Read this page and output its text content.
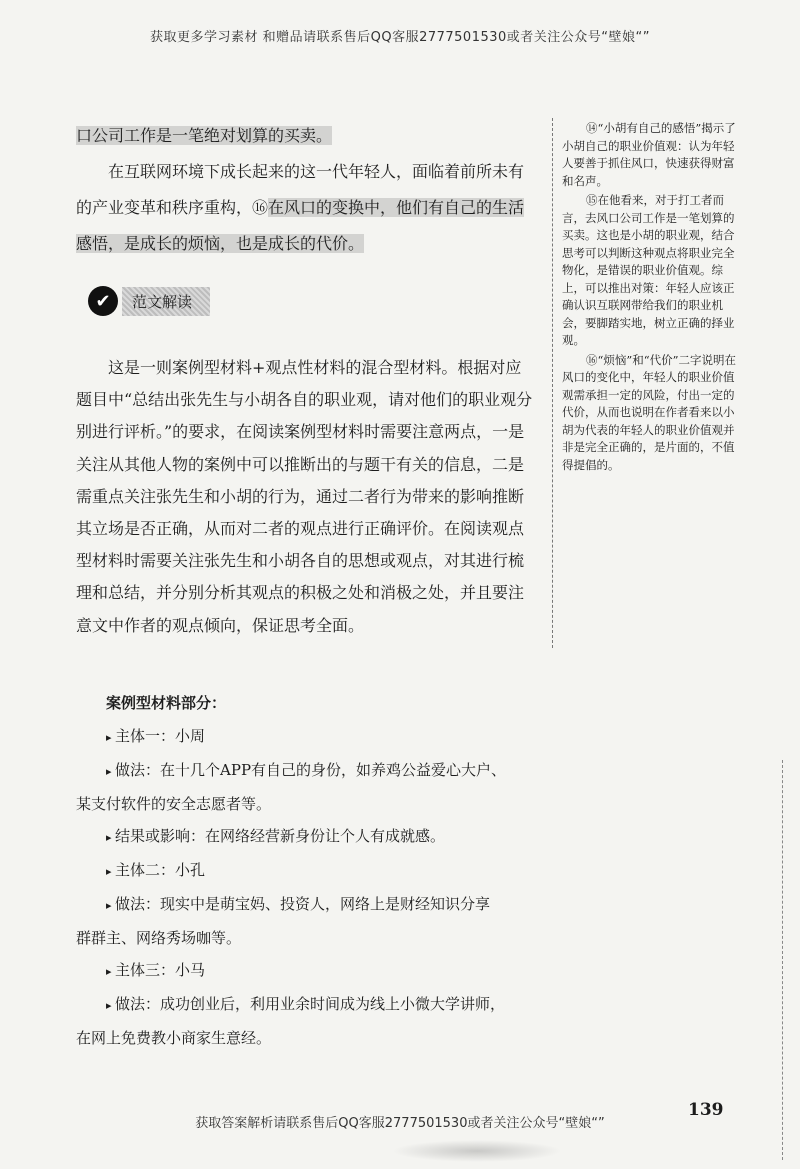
获取更多学习素材 和赠品请联系售后QQ客服2777501530或者关注公众号“壁娘“”

口公司工作是一笔绝对划算的买卖。

在互联网环境下成长起来的这一代年轻人，面临着前所未有的产业变革和秩序重构，⑯在风口的变换中，他们有自己的生活感悟，是成长的烦恼，也是成长的代价。

✔	范文解读

这是一则案例型材料+观点性材料的混合型材料。根据对应题目中“总结出张先生与小胡各自的职业观，请对他们的职业观分别进行评析。”的要求，在阅读案例型材料时需要注意两点，一是关注从其他人物的案例中可以推断出的与题干有关的信息，二是需重点关注张先生和小胡的行为，通过二者行为带来的影响推断其立场是否正确，从而对二者的观点进行正确评价。在阅读观点型材料时需要关注张先生和小胡各自的思想或观点，对其进行梳理和总结，并分别分析其观点的积极之处和消极之处，并且要注意文中作者的观点倾向，保证思考全面。

案例型材料部分：

▸ 主体一：小周

▸ 做法：在十几个APP有自己的身份，如养鸡公益爱心大户、

某支付软件的安全志愿者等。

▸ 结果或影响：在网络经营新身份让个人有成就感。

▸ 主体二：小孔

▸ 做法：现实中是萌宝妈、投资人，网络上是财经知识分享

群群主、网络秀场咖等。

▸ 主体三：小马

▸ 做法：成功创业后，利用业余时间成为线上小微大学讲师，

在网上免费教小商家生意经。

⑭“小胡有自己的感悟”揭示了小胡自己的职业价值观：认为年轻人要善于抓住风口，快速获得财富和名声。

⑮在他看来，对于打工者而言，去风口公司工作是一笔划算的买卖。这也是小胡的职业观，结合思考可以判断这种观点将职业完全物化，是错误的职业价值观。综上，可以推出对策：年轻人应该正确认识互联网带给我们的职业机会，要脚踏实地，树立正确的择业观。

⑯“烦恼”和“代价”二字说明在风口的变化中，年轻人的职业价值观需承担一定的风险，付出一定的代价，从而也说明在作者看来以小胡为代表的年轻人的职业价值观并非是完全正确的，是片面的，不值得提倡的。

139
获取答案解析请联系售后QQ客服2777501530或者关注公众号“壁娘“”
